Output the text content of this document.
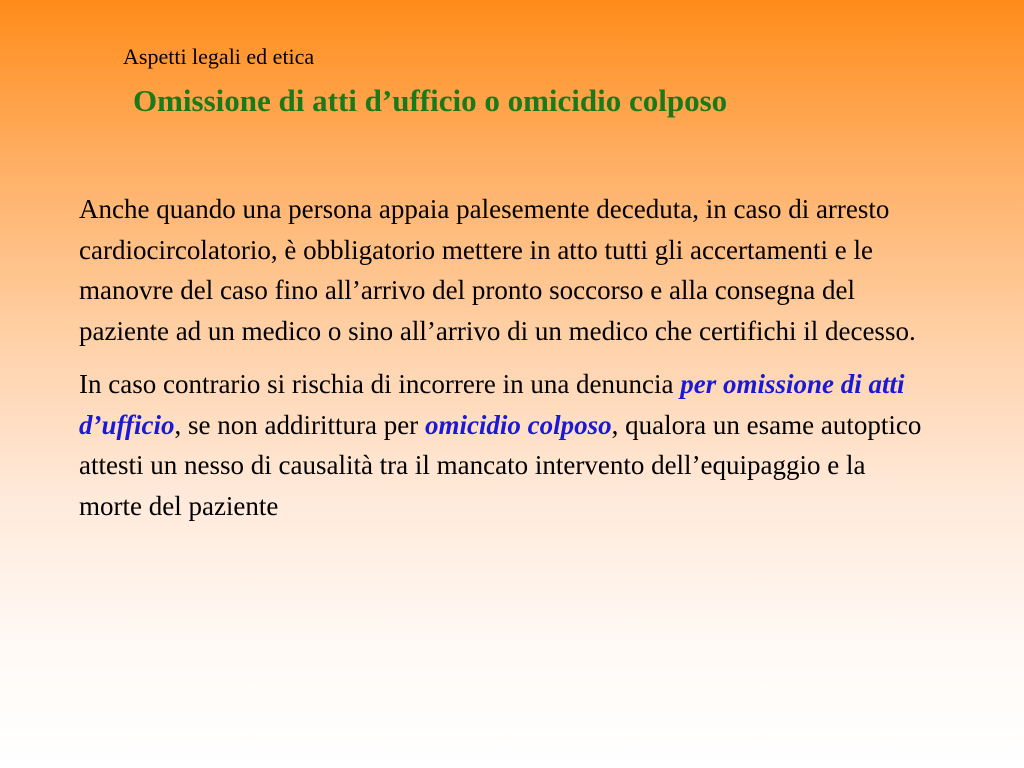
Aspetti legali ed etica
Omissione di atti d’ufficio o omicidio colposo

Anche quando una persona appaia palesemente deceduta, in caso di arresto cardiocircolatorio, è obbligatorio mettere in atto tutti gli accertamenti e le manovre del caso fino all’arrivo del pronto soccorso e alla consegna del paziente ad un medico o sino all’arrivo di un medico che certifichi il decesso.

In caso contrario si rischia di incorrere in una denuncia per omissione di atti d’ufficio, se non addirittura per omicidio colposo, qualora un esame autoptico attesti un nesso di causalità tra il mancato intervento dell’equipaggio e la morte del paziente
